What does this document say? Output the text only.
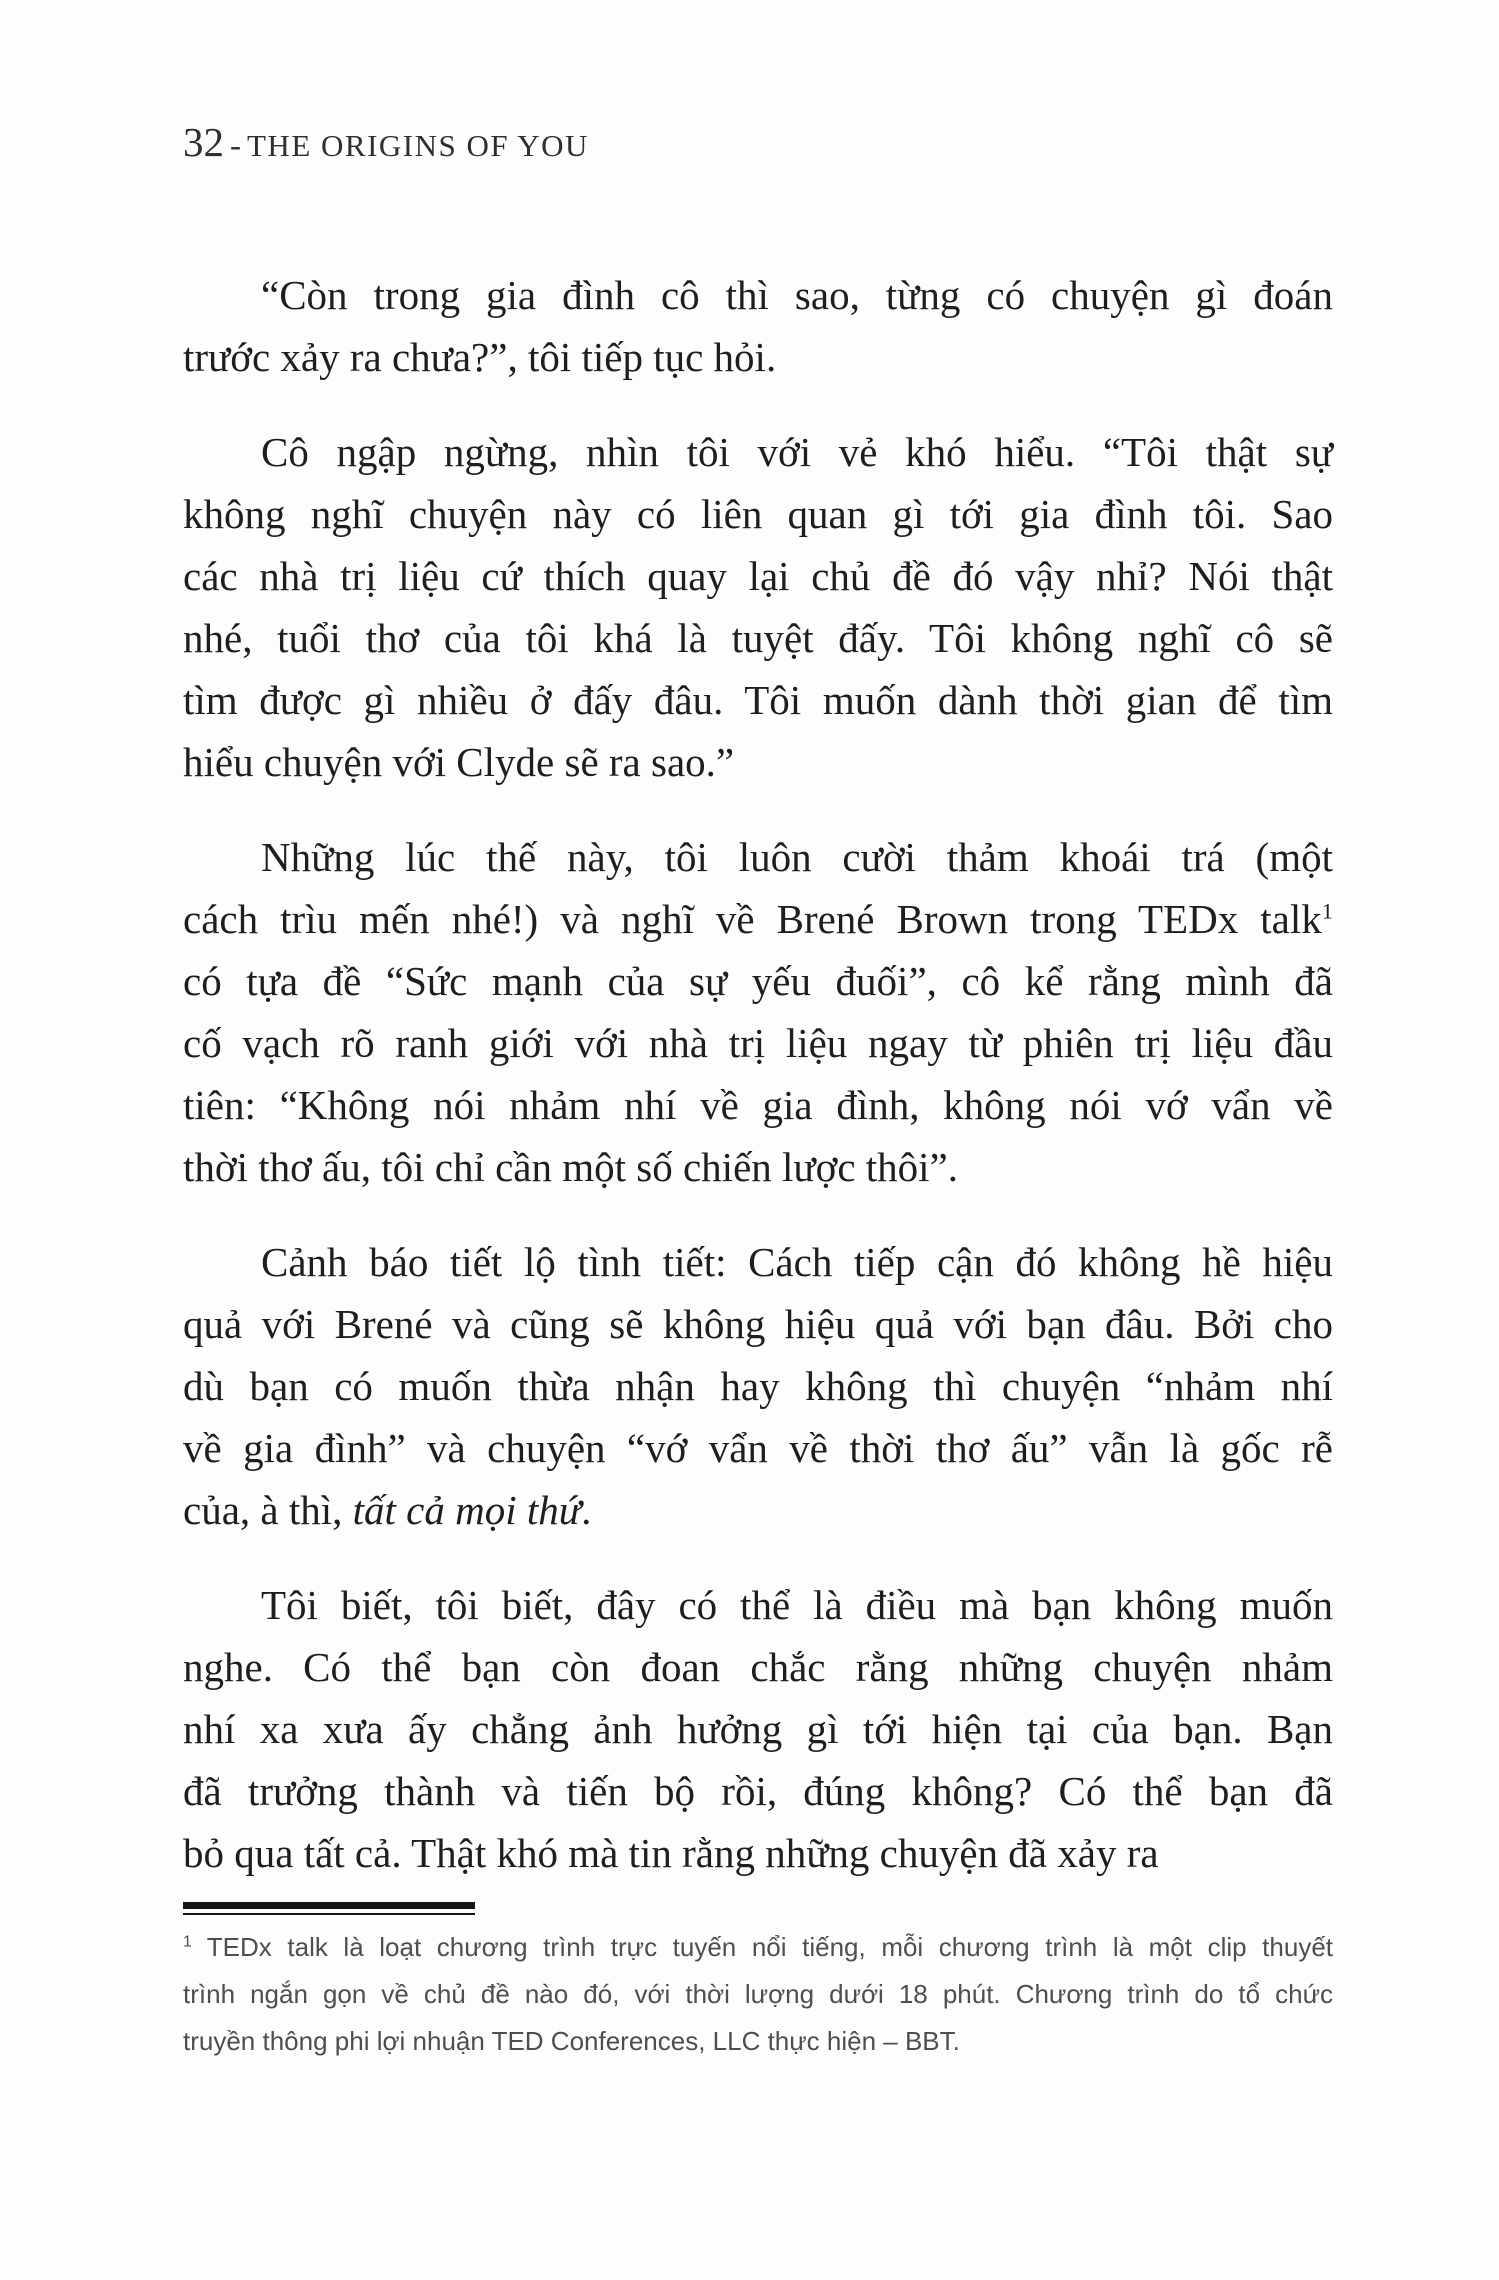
32 - THE ORIGINS OF YOU
“Còn trong gia đình cô thì sao, từng có chuyện gì đoán
trước xảy ra chưa?”, tôi tiếp tục hỏi.
Cô ngập ngừng, nhìn tôi với vẻ khó hiểu. “Tôi thật sự
không nghĩ chuyện này có liên quan gì tới gia đình tôi. Sao
các nhà trị liệu cứ thích quay lại chủ đề đó vậy nhỉ? Nói thật
nhé, tuổi thơ của tôi khá là tuyệt đấy. Tôi không nghĩ cô sẽ
tìm được gì nhiều ở đấy đâu. Tôi muốn dành thời gian để tìm
hiểu chuyện với Clyde sẽ ra sao.”
Những lúc thế này, tôi luôn cười thảm khoái trá (một
cách trìu mến nhé!) và nghĩ về Brené Brown trong TEDx talk$^1$
có tựa đề “Sức mạnh của sự yếu đuối”, cô kể rằng mình đã
cố vạch rõ ranh giới với nhà trị liệu ngay từ phiên trị liệu đầu
tiên: “Không nói nhảm nhí về gia đình, không nói vớ vẩn về
thời thơ ấu, tôi chỉ cần một số chiến lược thôi”.
Cảnh báo tiết lộ tình tiết: Cách tiếp cận đó không hề hiệu
quả với Brené và cũng sẽ không hiệu quả với bạn đâu. Bởi cho
dù bạn có muốn thừa nhận hay không thì chuyện “nhảm nhí
về gia đình” và chuyện “vớ vẩn về thời thơ ấu” vẫn là gốc rễ
của, à thì, tất cả mọi thứ.
Tôi biết, tôi biết, đây có thể là điều mà bạn không muốn
nghe. Có thể bạn còn đoan chắc rằng những chuyện nhảm
nhí xa xưa ấy chẳng ảnh hưởng gì tới hiện tại của bạn. Bạn
đã trưởng thành và tiến bộ rồi, đúng không? Có thể bạn đã
bỏ qua tất cả. Thật khó mà tin rằng những chuyện đã xảy ra
$^1$ TEDx talk là loạt chương trình trực tuyến nổi tiếng, mỗi chương trình là một clip thuyết
trình ngắn gọn về chủ đề nào đó, với thời lượng dưới 18 phút. Chương trình do tổ chức
truyền thông phi lợi nhuận TED Conferences, LLC thực hiện – BBT.
